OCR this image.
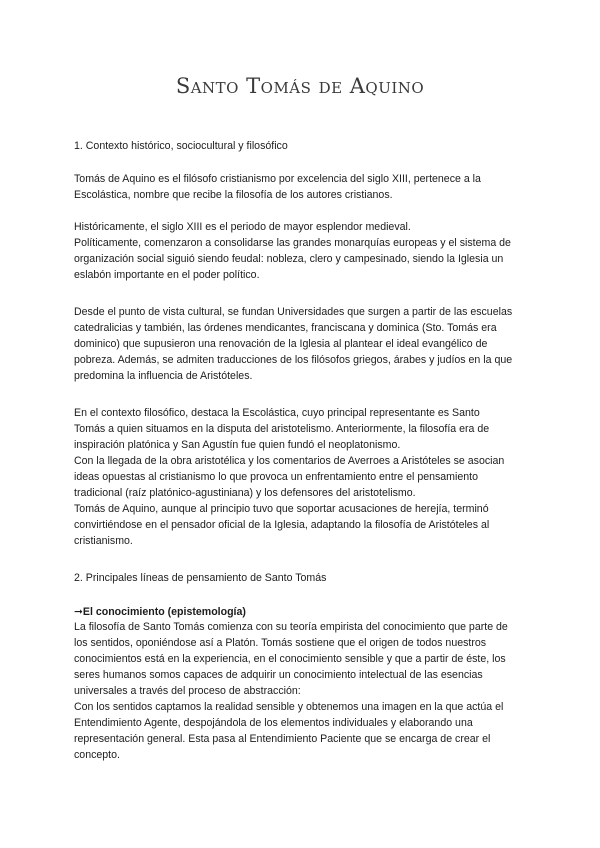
Santo Tomás de Aquino
1. Contexto histórico, sociocultural y filosófico
Tomás de Aquino es el filósofo cristianismo por excelencia del siglo XIII, pertenece a la
Escolástica, nombre que recibe la filosofía de los autores cristianos.
Históricamente, el siglo XIII es el periodo de mayor esplendor medieval.
Políticamente, comenzaron a consolidarse las grandes monarquías europeas y el sistema de
organización social siguió siendo feudal: nobleza, clero y campesinado, siendo la Iglesia un
eslabón importante en el poder político.
Desde el punto de vista cultural, se fundan Universidades que surgen a partir de las escuelas
catedralicias y también, las órdenes mendicantes, franciscana y dominica (Sto. Tomás era
dominico) que supusieron una renovación de la Iglesia al plantear el ideal evangélico de
pobreza. Además, se admiten traducciones de los filósofos griegos, árabes y judíos en la que
predomina la influencia de Aristóteles.
En el contexto filosófico, destaca la Escolástica, cuyo principal representante es Santo
Tomás a quien situamos en la disputa del aristotelismo. Anteriormente, la filosofía era de
inspiración platónica y San Agustín fue quien fundó el neoplatonismo.
Con la llegada de la obra aristotélica y los comentarios de Averroes a Aristóteles se asocian
ideas opuestas al cristianismo lo que provoca un enfrentamiento entre el pensamiento
tradicional (raíz platónico-agustiniana) y los defensores del aristotelismo.
Tomás de Aquino, aunque al principio tuvo que soportar acusaciones de herejía, terminó
convirtiéndose en el pensador oficial de la Iglesia, adaptando la filosofía de Aristóteles al
cristianismo.
2. Principales líneas de pensamiento de Santo Tomás
➞El conocimiento (epistemología)
La filosofía de Santo Tomás comienza con su teoría empirista del conocimiento que parte de
los sentidos, oponiéndose así a Platón. Tomás sostiene que el origen de todos nuestros
conocimientos está en la experiencia, en el conocimiento sensible y que a partir de éste, los
seres humanos somos capaces de adquirir un conocimiento intelectual de las esencias
universales a través del proceso de abstracción:
Con los sentidos captamos la realidad sensible y obtenemos una imagen en la que actúa el
Entendimiento Agente, despojándola de los elementos individuales y elaborando una
representación general. Esta pasa al Entendimiento Paciente que se encarga de crear el
concepto.
